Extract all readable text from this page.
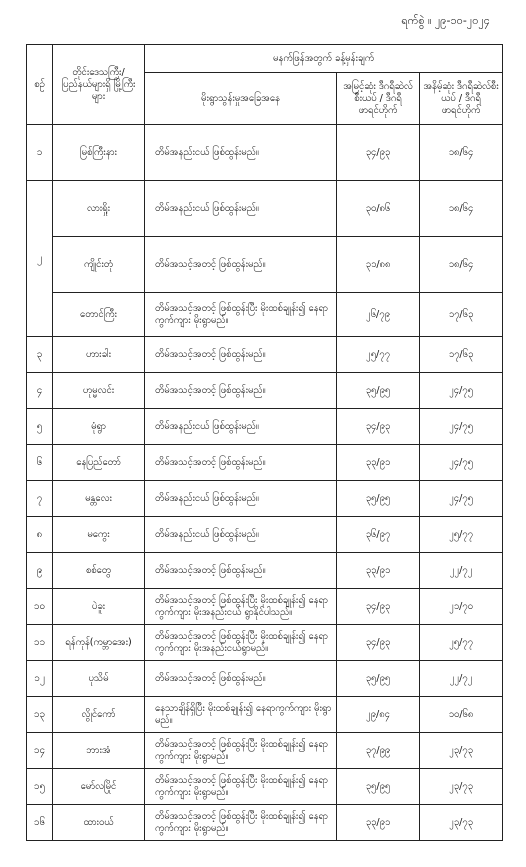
ရက်စွဲ ။ ၂၉-၁၀-၂၀၂၄
စဉ်	တိုင်းဒေသကြီး/ ပြည်နယ်များရှိ မြို့ကြီးများ	မနက်ဖြန်အတွက် ခန့်မှန်းချက်		
		မိုးရွာသွန်းမှုအခြေအနေ	အမြင့်ဆုံး ဒီဂရီဆဲလ်စီးယပ် / ဒီဂရီဖာရင်ဟိုက်	အနိမ့်ဆုံး ဒီဂရီဆဲလ်စီးယပ် / ဒီဂရီဖာရင်ဟိုက်
၁	မြစ်ကြီးနား	တိမ်အနည်းငယ် ဖြစ်ထွန်းမည်။	၃၄/၉၃	၁၈/၆၄
၂	လားရှိုး	တိမ်အနည်းငယ် ဖြစ်ထွန်းမည်။	၃၀/၈၆	၁၈/၆၄
	ကျိုင်းတုံ	တိမ်အသင့်အတင့် ဖြစ်ထွန်းမည်။	၃၁/၈၈	၁၈/၆၄
	တောင်ကြီး	တိမ်အသင့်အတင့် ဖြစ်ထွန်းပြီး မိုးထစ်ချုန်း၍ နေရာကွက်ကျား မိုးရွာမည်။	၂၆/၇၉	၁၇/၆၃
၃	ဟားခါး	တိမ်အသင့်အတင့် ဖြစ်ထွန်းမည်။	၂၅/၇၇	၁၇/၆၃
၄	ဟုမ္မလင်း	တိမ်အသင့်အတင့် ဖြစ်ထွန်းမည်။	၃၅/၉၅	၂၄/၇၅
၅	မုံရွာ	တိမ်အနည်းငယ် ဖြစ်ထွန်းမည်။	၃၄/၉၃	၂၄/၇၅
၆	နေပြည်တော်	တိမ်အသင့်အတင့် ဖြစ်ထွန်းမည်။	၃၃/၉၁	၂၄/၇၅
၇	မန္တလေး	တိမ်အနည်းငယ် ဖြစ်ထွန်းမည်။	၃၅/၉၅	၂၄/၇၅
၈	မကွေး	တိမ်အနည်းငယ် ဖြစ်ထွန်းမည်။	၃၆/၉၇	၂၅/၇၇
၉	စစ်တွေ	တိမ်အသင့်အတင့် ဖြစ်ထွန်းမည်။	၃၃/၉၁	၂၂/၇၂
၁၀	ပဲခူး	တိမ်အသင့်အတင့် ဖြစ်ထွန်းပြီး မိုးထစ်ချုန်း၍ နေရာကွက်ကျား မိုးအနည်းငယ် ရွာနိုင်ပါသည်။	၃၄/၉၃	၂၁/၇၀
၁၁	ရန်ကုန်(ကမ္ဘာအေး)	တိမ်အသင့်အတင့် ဖြစ်ထွန်းပြီး မိုးထစ်ချုန်း၍ နေရာကွက်ကျား မိုးအနည်းငယ်ရွာမည်။	၃၄/၉၃	၂၅/၇၇
၁၂	ပုသိမ်	တိမ်အသင့်အတင့် ဖြစ်ထွန်းမည်။	၃၅/၉၅	၂၂/၇၂
၁၃	လွိုင်ကော်	နေသာချိန်ရှိပြီး မိုးထစ်ချုန်း၍ နေရာကွက်ကျား မိုးရွာမည်။	၂၉/၈၄	၁၀/၆၈
၁၄	ဘားအံ	တိမ်အသင့်အတင့် ဖြစ်ထွန်းပြီး မိုးထစ်ချုန်း၍ နေရာကွက်ကျား မိုးရွာမည်။	၃၇/၉၉	၂၃/၇၃
၁၅	မော်လမြိုင်	တိမ်အသင့်အတင့် ဖြစ်ထွန်းပြီး မိုးထစ်ချုန်း၍ နေရာကွက်ကျား မိုးရွာမည်။	၃၅/၉၅	၂၃/၇၃
၁၆	ထားဝယ်	တိမ်အသင့်အတင့် ဖြစ်ထွန်းပြီး မိုးထစ်ချုန်း၍ နေရာကွက်ကျား မိုးရွာမည်။	၃၃/၉၁	၂၃/၇၃
